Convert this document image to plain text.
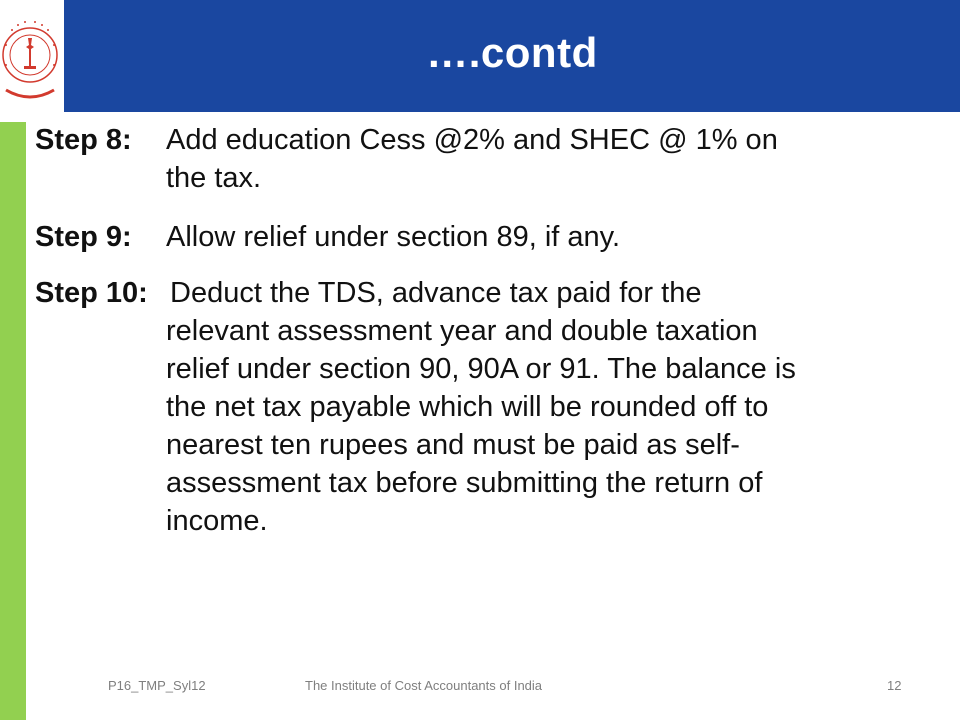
….contd
Step 8: Add education Cess @2% and SHEC @ 1% on
the tax.
Step 9: Allow relief under section 89, if any.
Step 10: Deduct the TDS, advance tax paid for the
relevant assessment year and double taxation
relief under section 90, 90A or 91. The balance is
the net tax payable which will be rounded off to
nearest ten rupees and must be paid as self-
assessment tax before submitting the return of
income.
P16_TMP_Syl12	The Institute of Cost Accountants of India	12
